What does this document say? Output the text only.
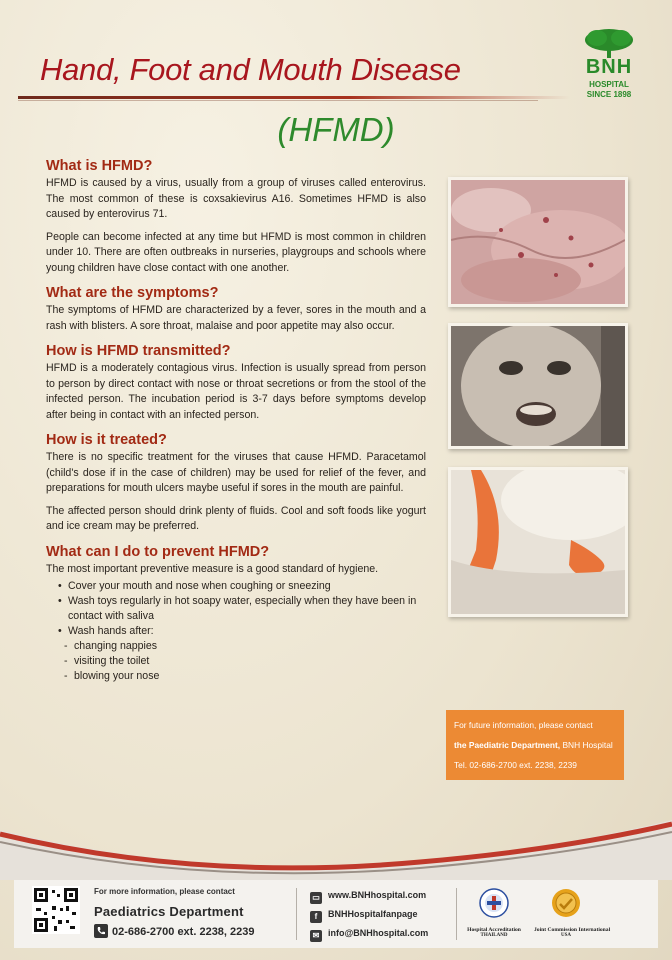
Hand, Foot and Mouth Disease
(HFMD)
BNH
HOSPITAL
SINCE 1898
What is HFMD?

HFMD is caused by a virus, usually from a group of viruses called enterovirus. The most common of these is coxsakievirus A16. Sometimes HFMD is also caused by enterovirus 71.

People can become infected at any time but HFMD is most common in children under 10. There are often outbreaks in nurseries, playgroups and schools where young children have close contact with one another.

What are the symptoms?

The symptoms of HFMD are characterized by a fever, sores in the mouth and a rash with blisters. A sore throat, malaise and poor appetite may also occur.

How is HFMD transmitted?

HFMD is a moderately contagious virus. Infection is usually spread from person to person by direct contact with nose or throat secretions or from the stool of the infected person. The incubation period is 3-7 days before symptoms develop after being in contact with an infected person.

How is it treated?

There is no specific treatment for the viruses that cause HFMD. Paracetamol (child's dose if in the case of children) may be used for relief of the fever, and preparations for mouth ulcers maybe useful if sores in the mouth are painful.

The affected person should drink plenty of fluids. Cool and soft foods like yogurt and ice cream may be preferred.

What can I do to prevent HFMD?

The most important preventive measure is a good standard of hygiene.

• Cover your mouth and nose when coughing or sneezing
• Wash toys regularly in hot soapy water, especially when they have been in contact with saliva
• Wash hands after:
- changing nappies
- visiting the toilet
- blowing your nose
For future information, please contact
the Paediatric Department, BNH Hospital
Tel. 02-686-2700 ext. 2238, 2239
For more information, please contact
Paediatrics Department
02-686-2700 ext. 2238, 2239
▭ www.BNHhospital.com
f BNHHospitalfanpage
✉ info@BNHhospital.com	Hospital Accreditation
THAILAND
Joint Commission International
USA
